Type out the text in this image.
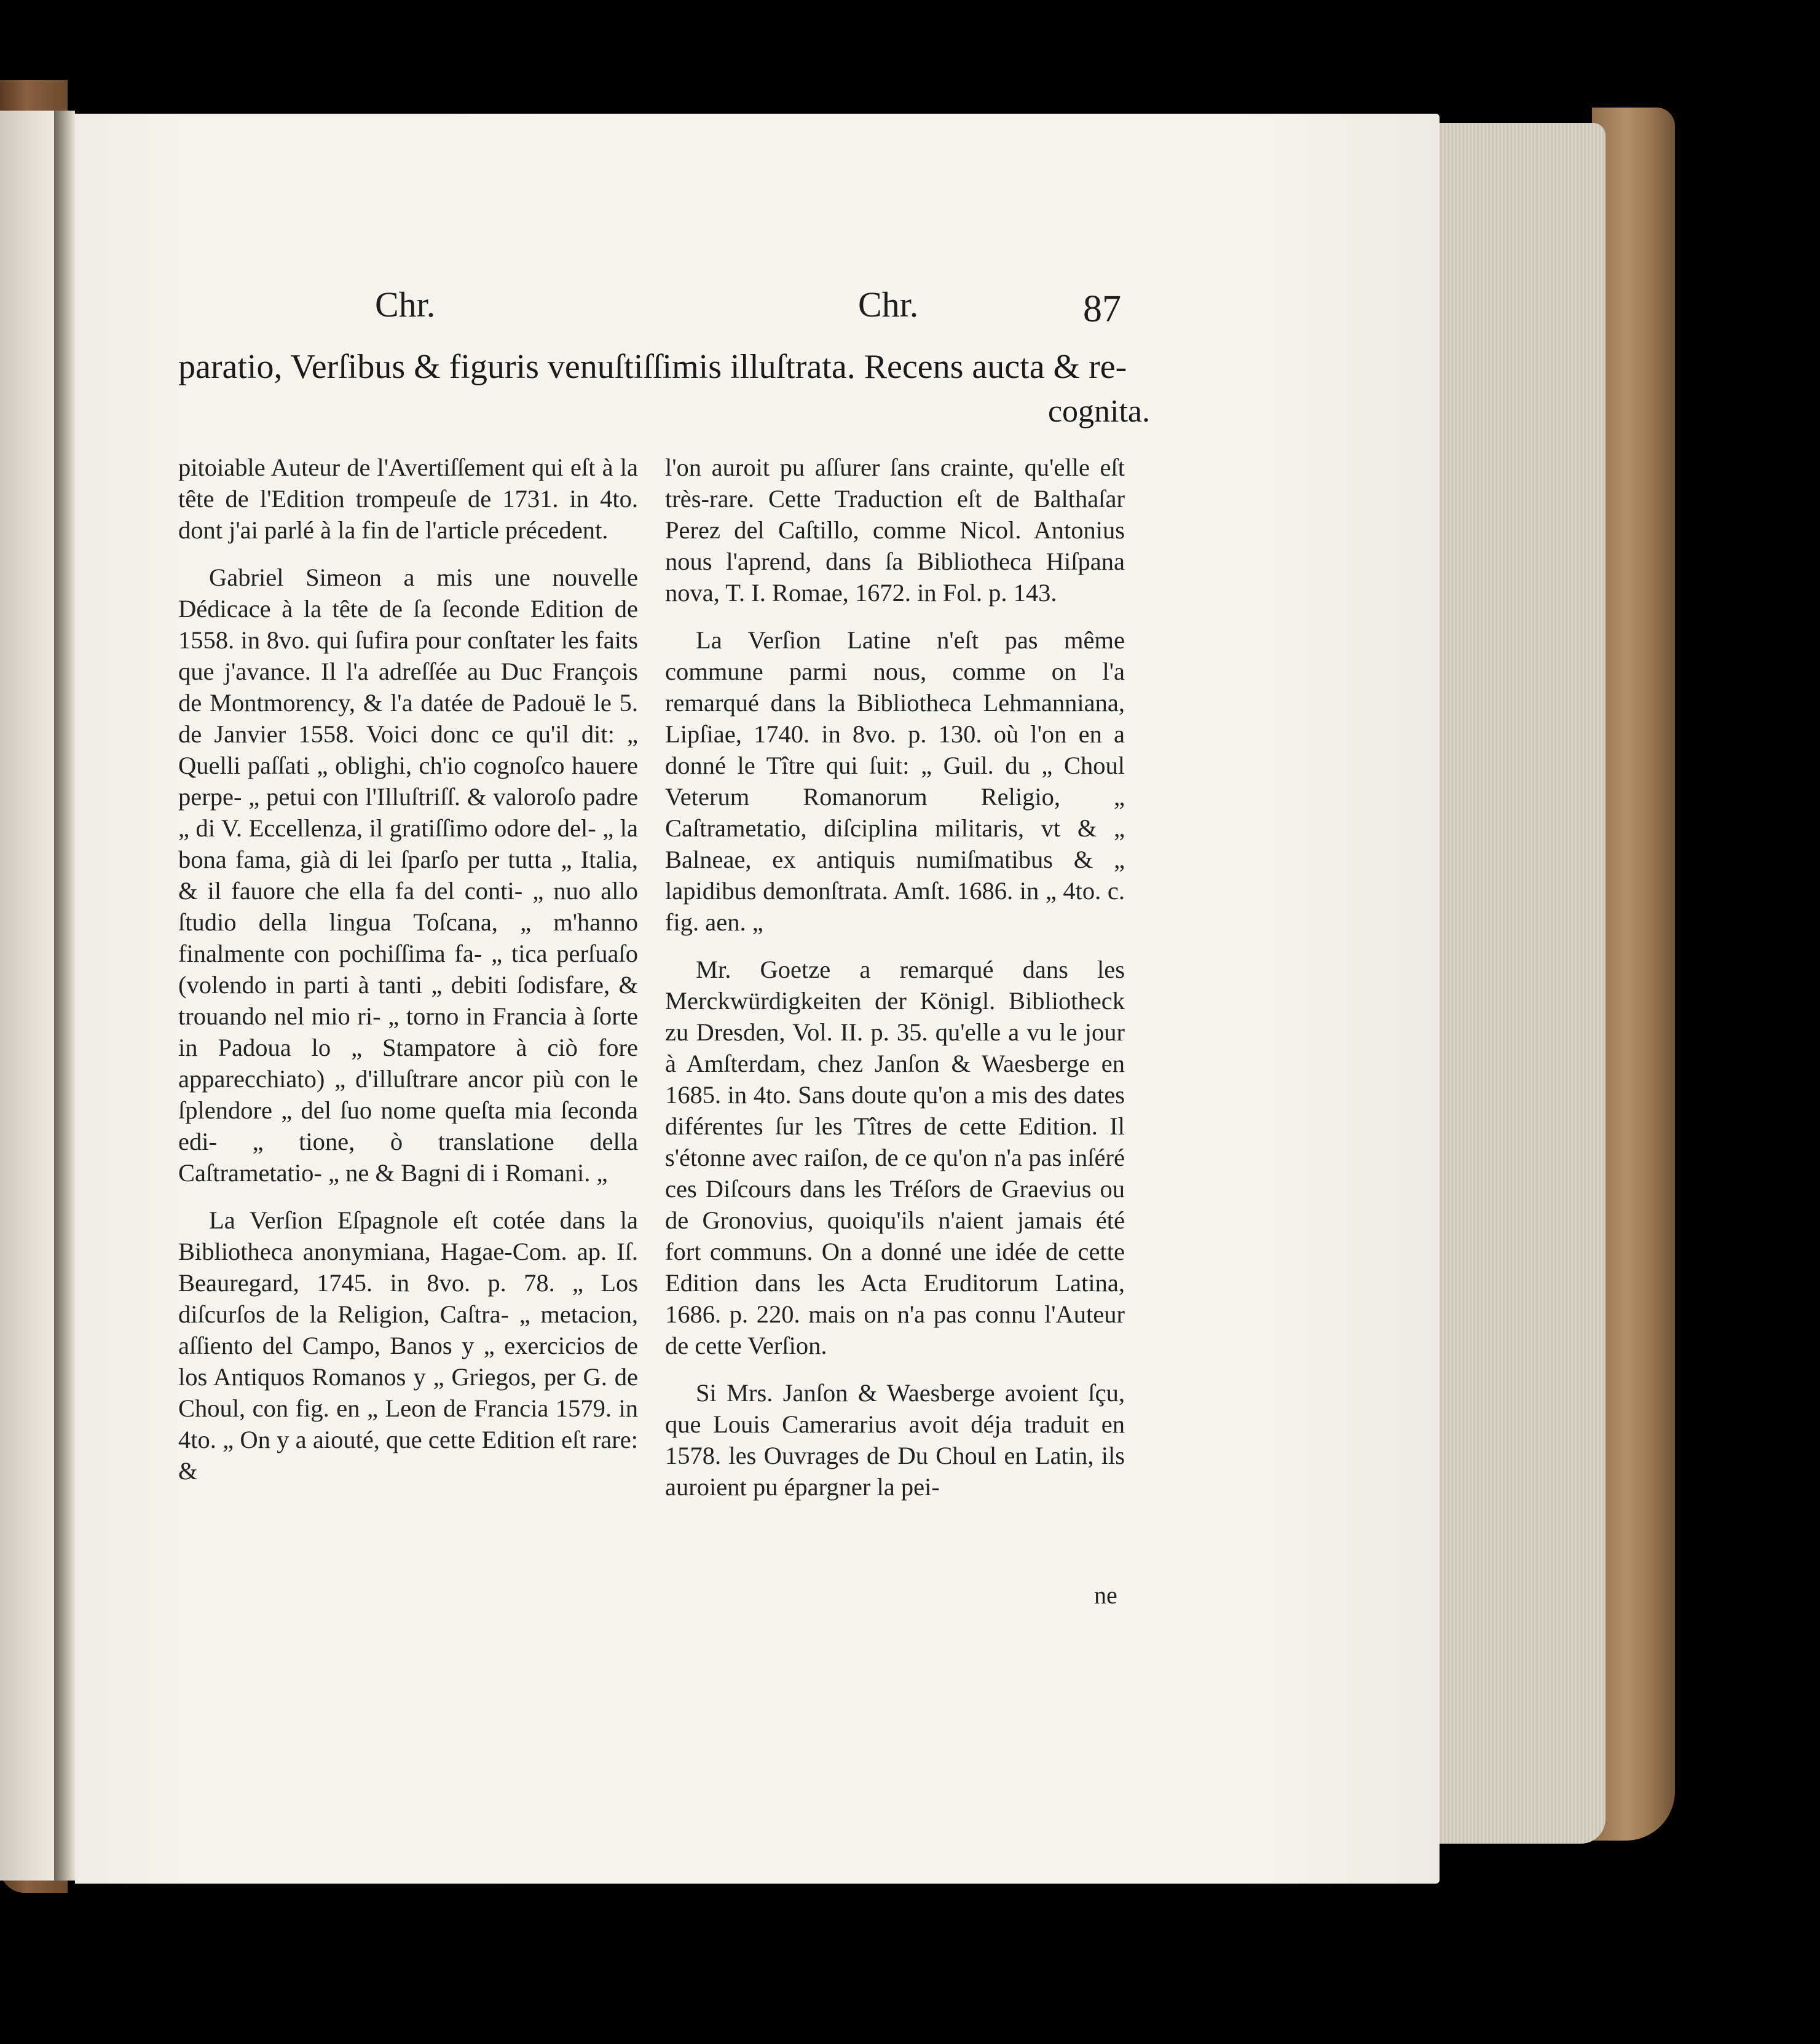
Chr.	Chr.	87
paratio, Verſibus & figuris venuſtiſſimis illuſtrata. Recens aucta & re-
cognita.

pitoiable Auteur de l'Avertiſſement qui eſt à la tête de l'Edition trompeuſe de 1731. in 4to. dont j'ai parlé à la fin de l'article précedent.

Gabriel Simeon a mis une nouvelle Dédicace à la tête de ſa ſeconde Edition de 1558. in 8vo. qui ſufira pour conſtater les faits que j'avance. Il l'a adreſſée au Duc François de Montmorency, & l'a datée de Padouë le 5. de Janvier 1558. Voici donc ce qu'il dit: „ Quelli paſſati „ oblighi, ch'io cognoſco hauere perpe- „ petui con l'Illuſtriſſ. & valoroſo padre „ di V. Eccellenza, il gratiſſimo odore del- „ la bona fama, già di lei ſparſo per tutta „ Italia, & il fauore che ella fa del conti- „ nuo allo ſtudio della lingua Toſcana, „ m'hanno finalmente con pochiſſima fa- „ tica perſuaſo (volendo in parti à tanti „ debiti ſodisfare, & trouando nel mio ri- „ torno in Francia à ſorte in Padoua lo „ Stampatore à ciò fore apparecchiato) „ d'illuſtrare ancor più con le ſplendore „ del ſuo nome queſta mia ſeconda edi- „ tione, ò translatione della Caſtrametatio- „ ne & Bagni di i Romani. „

La Verſion Eſpagnole eſt cotée dans la Bibliotheca anonymiana, Hagae-Com. ap. Iſ. Beauregard, 1745. in 8vo. p. 78. „ Los diſcurſos de la Religion, Caſtra- „ metacion, aſſiento del Campo, Banos y „ exercicios de los Antiquos Romanos y „ Griegos, per G. de Choul, con fig. en „ Leon de Francia 1579. in 4to. „ On y a aiouté, que cette Edition eſt rare: &

l'on auroit pu aſſurer ſans crainte, qu'elle eſt très-rare. Cette Traduction eſt de Balthaſar Perez del Caſtillo, comme Nicol. Antonius nous l'aprend, dans ſa Bibliotheca Hiſpana nova, T. I. Romae, 1672. in Fol. p. 143.

La Verſion Latine n'eſt pas même commune parmi nous, comme on l'a remarqué dans la Bibliotheca Lehmanniana, Lipſiae, 1740. in 8vo. p. 130. où l'on en a donné le Tître qui ſuit: „ Guil. du „ Choul Veterum Romanorum Religio, „ Caſtrametatio, diſciplina militaris, vt & „ Balneae, ex antiquis numiſmatibus & „ lapidibus demonſtrata. Amſt. 1686. in „ 4to. c. fig. aen. „

Mr. Goetze a remarqué dans les Merckwürdigkeiten der Königl. Bibliotheck zu Dresden, Vol. II. p. 35. qu'elle a vu le jour à Amſterdam, chez Janſon & Waesberge en 1685. in 4to. Sans doute qu'on a mis des dates diférentes ſur les Tîtres de cette Edition. Il s'étonne avec raiſon, de ce qu'on n'a pas inſéré ces Diſcours dans les Tréſors de Graevius ou de Gronovius, quoiqu'ils n'aient jamais été fort communs. On a donné une idée de cette Edition dans les Acta Eruditorum Latina, 1686. p. 220. mais on n'a pas connu l'Auteur de cette Verſion.

Si Mrs. Janſon & Waesberge avoient ſçu, que Louis Camerarius avoit déja traduit en 1578. les Ouvrages de Du Choul en Latin, ils auroient pu épargner la pei-

ne
